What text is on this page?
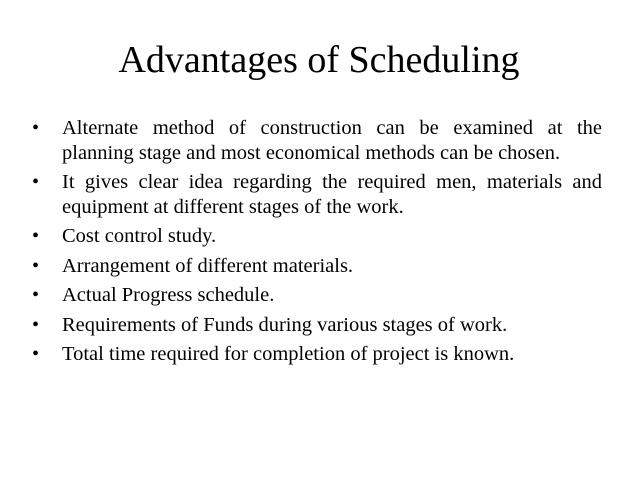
Advantages of Scheduling
•	Alternate method of construction can be examined at the planning stage and most economical methods can be chosen.
•	It gives clear idea regarding the required men, materials and equipment at different stages of the work.
•	Cost control study.
•	Arrangement of different materials.
•	Actual Progress schedule.
•	Requirements of Funds during various stages of work.
•	Total time required for completion of project is known.
